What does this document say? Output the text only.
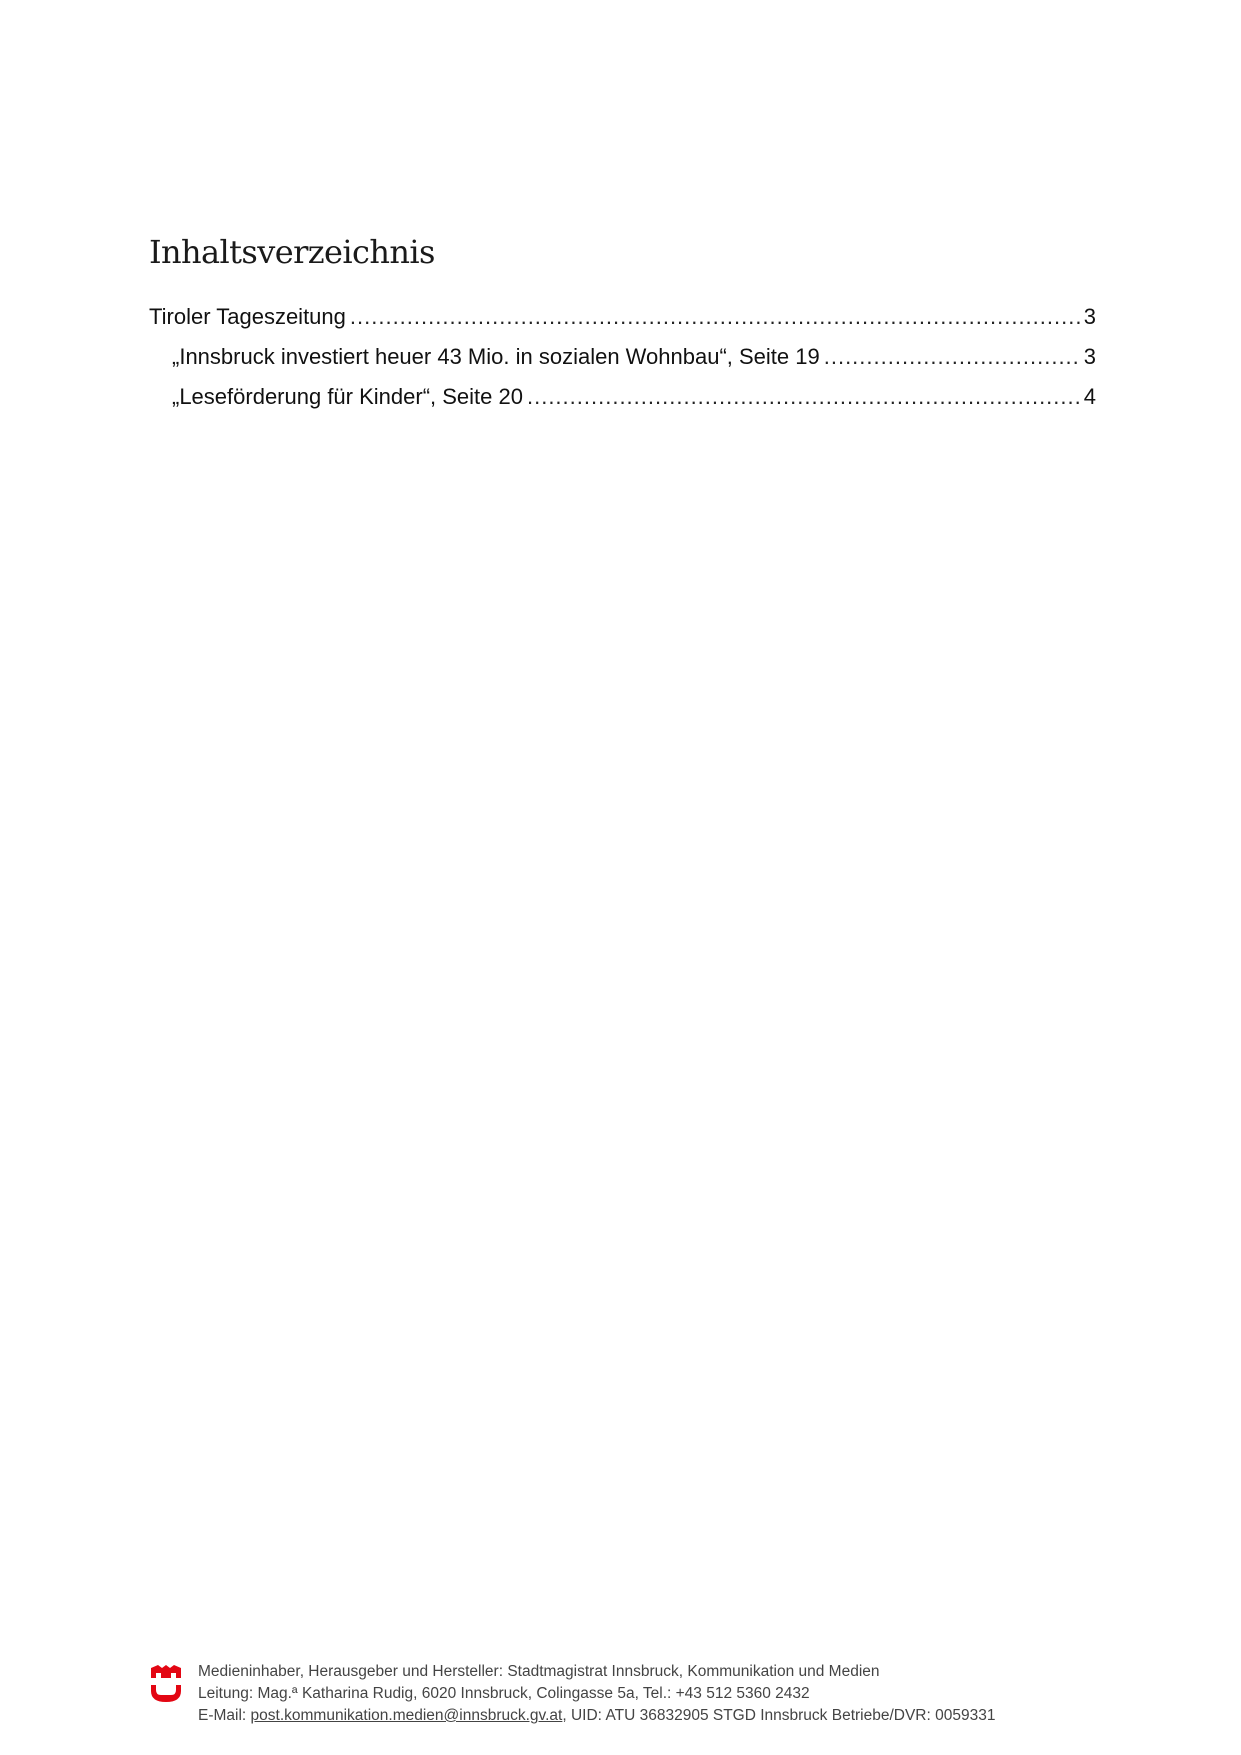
Inhaltsverzeichnis
Tiroler Tageszeitung .....	3
„Innsbruck investiert heuer 43 Mio. in sozialen Wohnbau“, Seite 19 .....	3
„Leseförderung für Kinder“, Seite 20 .....	4
Medieninhaber, Herausgeber und Hersteller: Stadtmagistrat Innsbruck, Kommunikation und Medien
Leitung: Mag.ª Katharina Rudig, 6020 Innsbruck, Colingasse 5a, Tel.: +43 512 5360 2432
E-Mail: post.kommunikation.medien@innsbruck.gv.at, UID: ATU 36832905 STGD Innsbruck Betriebe/DVR: 0059331
